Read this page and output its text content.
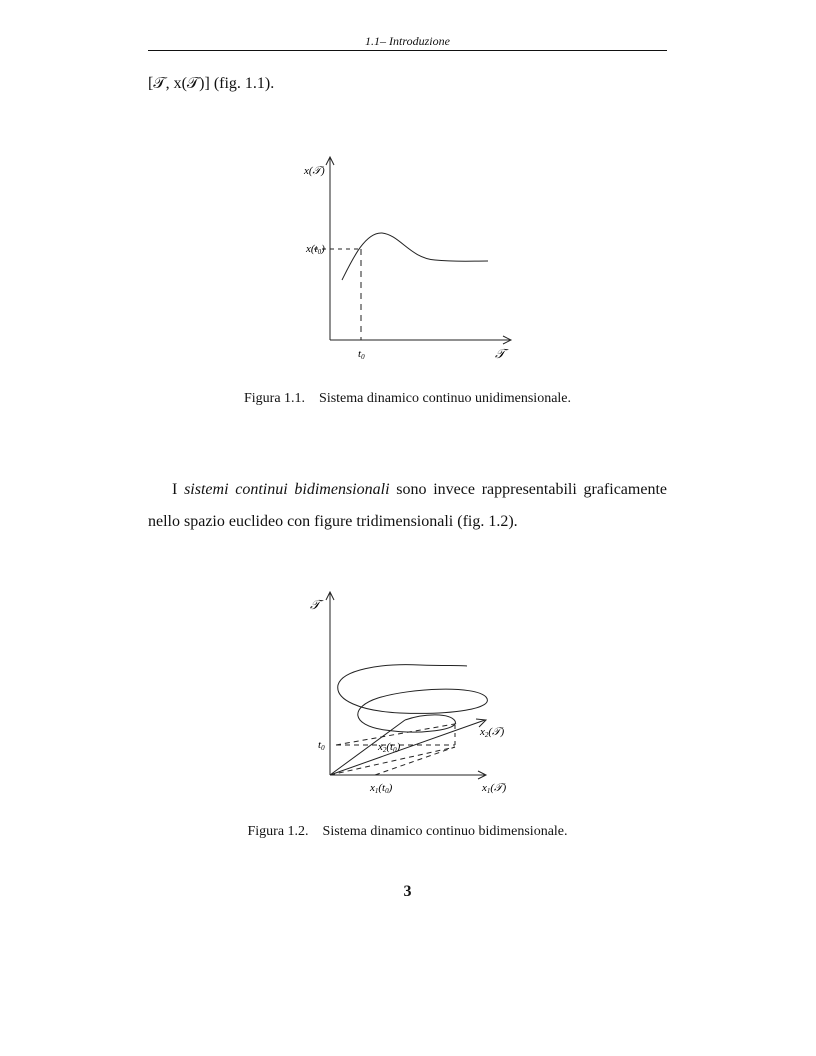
1.1– Introduzione

[𝒯, x(𝒯)] (fig. 1.1).

x(𝒯)
x(t0)
t0	𝒯
Figura 1.1. Sistema dinamico continuo unidimensionale.

I sistemi continui bidimensionali sono invece rappresentabili graficamente nello spazio euclideo con figure tridimensionali (fig. 1.2).

𝒯
t0	x2(t0)
x2(𝒯)
x1(t0)	x1(𝒯)
Figura 1.2. Sistema dinamico continuo bidimensionale.
3
